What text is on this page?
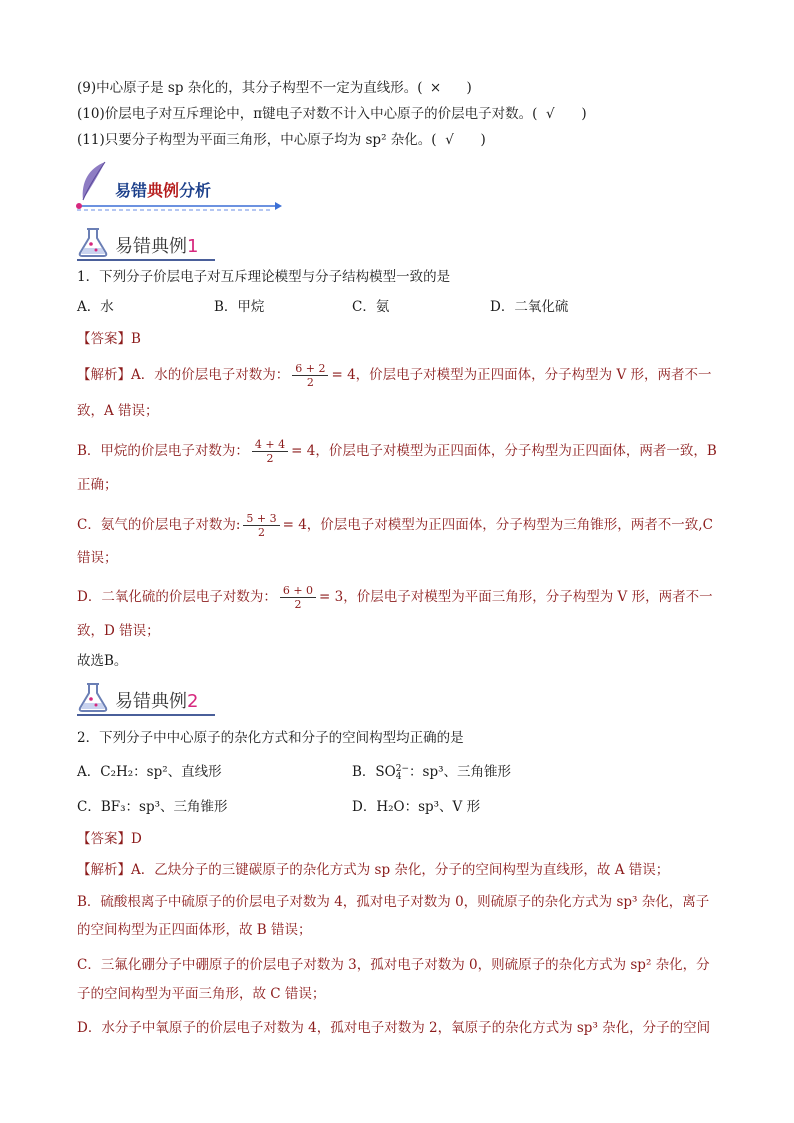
(9)中心原子是 sp 杂化的，其分子构型不一定为直线形。( × )
(10)价层电子对互斥理论中，π键电子对数不计入中心原子的价层电子对数。( √ )
(11)只要分子构型为平面三角形，中心原子均为 sp² 杂化。( √ )
易错典例分析
易错典例1
1．下列分子价层电子对互斥理论模型与分子结构模型一致的是
A．水	B．甲烷	C．氨	D．二氧化硫
【答案】B
【解析】A．水的价层电子对数为： $\frac{6 + 2}{2} = 4$，价层电子对模型为正四面体，分子构型为 V 形，两者不一
致，A 错误；
B．甲烷的价层电子对数为： $\frac{4 + 4}{2} = 4$，价层电子对模型为正四面体，分子构型为正四面体，两者一致，B
正确；
C．氨气的价层电子对数为: $\frac{5 + 3}{2} = 4$，价层电子对模型为正四面体，分子构型为三角锥形，两者不一致,C
错误；
D．二氧化硫的价层电子对数为： $\frac{6 + 0}{2} = 3$，价层电子对模型为平面三角形，分子构型为 V 形，两者不一
致，D 错误；
故选B。
易错典例2
2．下列分子中中心原子的杂化方式和分子的空间构型均正确的是
A．C₂H₂：sp²、直线形	B．SO 2−
4 ：sp³、三角锥形
C．BF₃：sp³、三角锥形	D．H₂O：sp³、V 形
【答案】D
【解析】A．乙炔分子的三键碳原子的杂化方式为 sp 杂化，分子的空间构型为直线形，故 A 错误；
B．硫酸根离子中硫原子的价层电子对数为 4，孤对电子对数为 0，则硫原子的杂化方式为 sp³ 杂化，离子
的空间构型为正四面体形，故 B 错误；
C．三氟化硼分子中硼原子的价层电子对数为 3，孤对电子对数为 0，则硫原子的杂化方式为 sp² 杂化，分
子的空间构型为平面三角形，故 C 错误；
D．水分子中氧原子的价层电子对数为 4，孤对电子对数为 2，氧原子的杂化方式为 sp³ 杂化，分子的空间
